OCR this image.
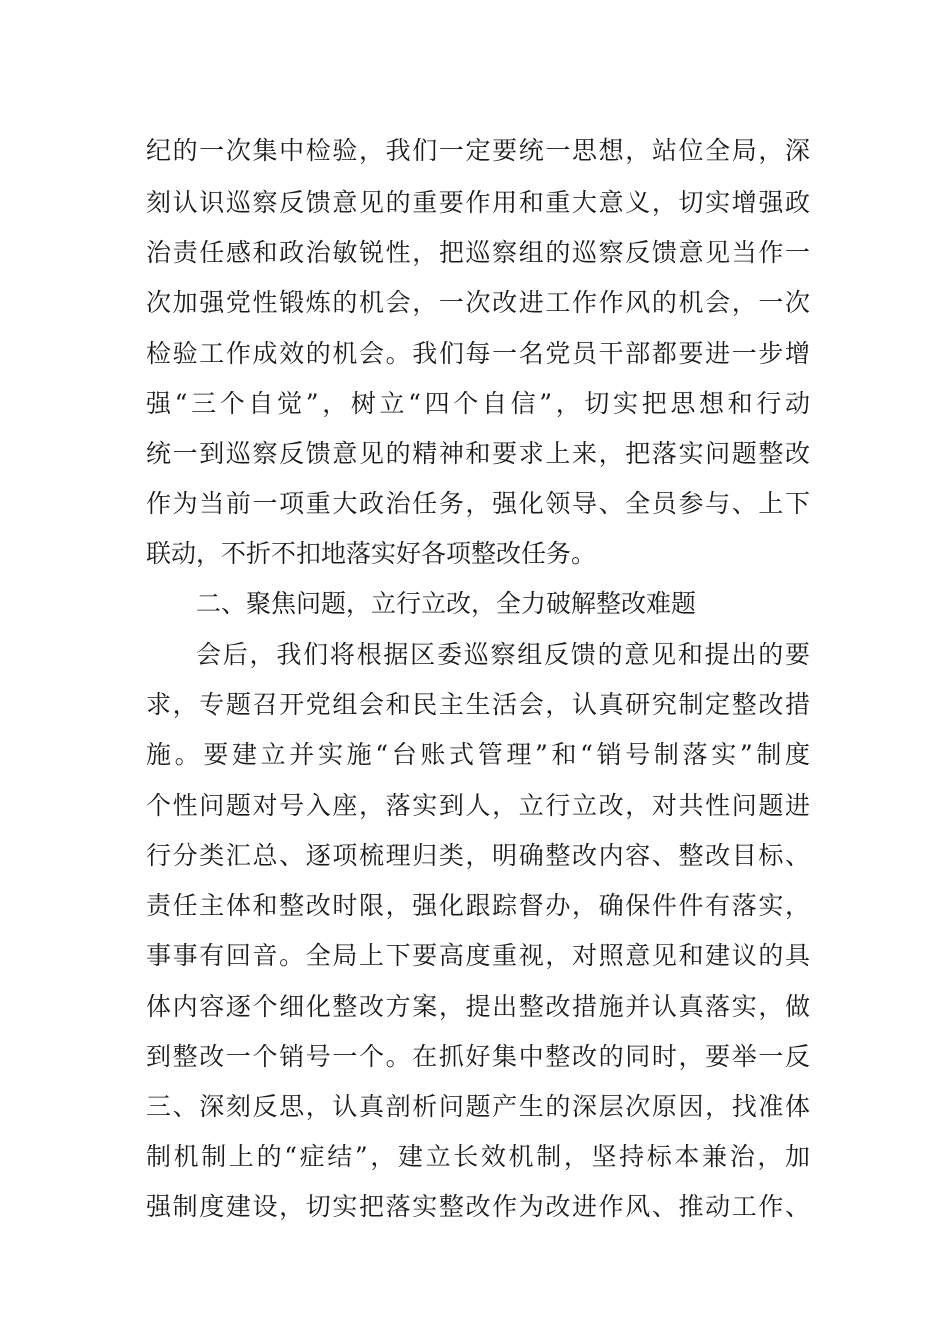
纪的一次集中检验，我们一定要统一思想，站位全局，深
刻认识巡察反馈意见的重要作用和重大意义，切实增强政
治责任感和政治敏锐性，把巡察组的巡察反馈意见当作一
次加强党性锻炼的机会，一次改进工作作风的机会，一次
检验工作成效的机会。我们每一名党员干部都要进一步增
强“三个自觉”，树立“四个自信”，切实把思想和行动
统一到巡察反馈意见的精神和要求上来，把落实问题整改
作为当前一项重大政治任务，强化领导、全员参与、上下
联动，不折不扣地落实好各项整改任务。
二、聚焦问题，立行立改，全力破解整改难题
会后，我们将根据区委巡察组反馈的意见和提出的要
求，专题召开党组会和民主生活会，认真研究制定整改措
施。要建立并实施“台账式管理”和“销号制落实”制度
个性问题对号入座，落实到人，立行立改，对共性问题进
行分类汇总、逐项梳理归类，明确整改内容、整改目标、
责任主体和整改时限，强化跟踪督办，确保件件有落实，
事事有回音。全局上下要高度重视，对照意见和建议的具
体内容逐个细化整改方案，提出整改措施并认真落实，做
到整改一个销号一个。在抓好集中整改的同时，要举一反
三、深刻反思，认真剖析问题产生的深层次原因，找准体
制机制上的“症结”，建立长效机制，坚持标本兼治，加
强制度建设，切实把落实整改作为改进作风、推动工作、
